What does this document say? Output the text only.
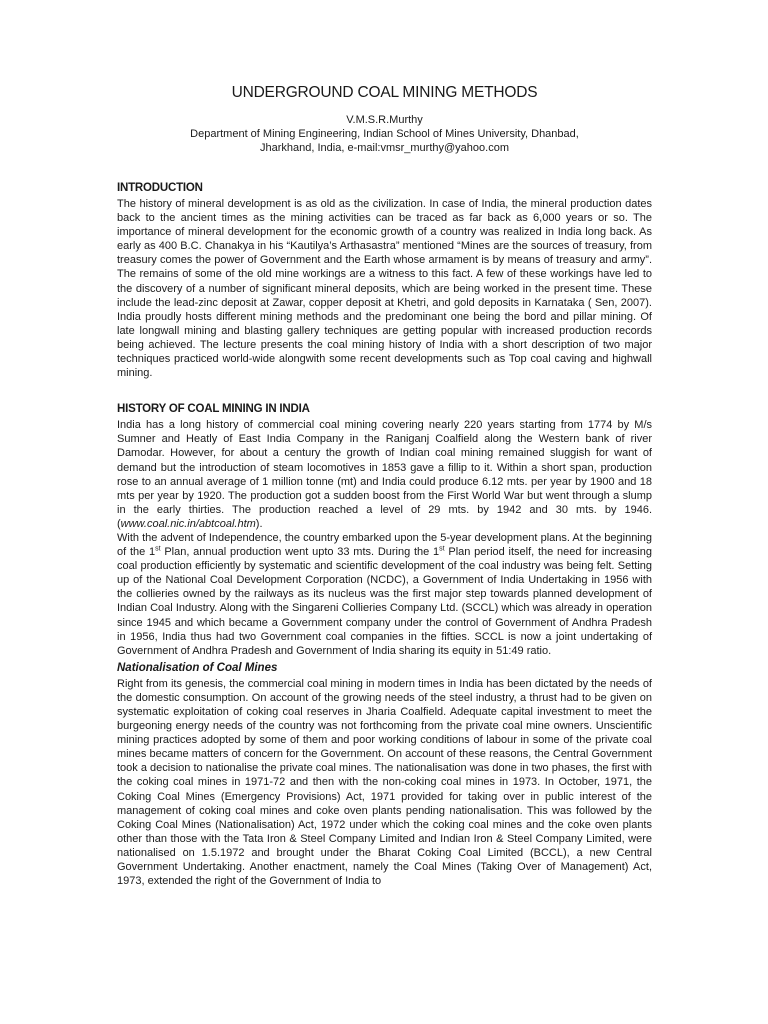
UNDERGROUND COAL MINING METHODS

V.M.S.R.Murthy

Department of Mining Engineering, Indian School of Mines University, Dhanbad,

Jharkhand, India, e-mail:vmsr_murthy@yahoo.com

INTRODUCTION

The history of mineral development is as old as the civilization. In case of India, the mineral production dates back to the ancient times as the mining activities can be traced as far back as 6,000 years or so. The importance of mineral development for the economic growth of a country was realized in India long back. As early as 400 B.C. Chanakya in his “Kautilya’s Arthasastra” mentioned “Mines are the sources of treasury, from treasury comes the power of Government and the Earth whose armament is by means of treasury and army”. The remains of some of the old mine workings are a witness to this fact. A few of these workings have led to the discovery of a number of significant mineral deposits, which are being worked in the present time. These include the lead-zinc deposit at Zawar, copper deposit at Khetri, and gold deposits in Karnataka ( Sen, 2007). India proudly hosts different mining methods and the predominant one being the bord and pillar mining. Of late longwall mining and blasting gallery techniques are getting popular with increased production records being achieved. The lecture presents the coal mining history of India with a short description of two major techniques practiced world-wide alongwith some recent developments such as Top coal caving and highwall mining.

HISTORY OF COAL MINING IN INDIA

India has a long history of commercial coal mining covering nearly 220 years starting from 1774 by M/s Sumner and Heatly of East India Company in the Raniganj Coalfield along the Western bank of river Damodar. However, for about a century the growth of Indian coal mining remained sluggish for want of demand but the introduction of steam locomotives in 1853 gave a fillip to it. Within a short span, production rose to an annual average of 1 million tonne (mt) and India could produce 6.12 mts. per year by 1900 and 18 mts per year by 1920. The production got a sudden boost from the First World War but went through a slump in the early thirties. The production reached a level of 29 mts. by 1942 and 30 mts. by 1946. (www.coal.nic.in/abtcoal.htm).

With the advent of Independence, the country embarked upon the 5-year development plans. At the beginning of the 1st Plan, annual production went upto 33 mts. During the 1st Plan period itself, the need for increasing coal production efficiently by systematic and scientific development of the coal industry was being felt. Setting up of the National Coal Development Corporation (NCDC), a Government of India Undertaking in 1956 with the collieries owned by the railways as its nucleus was the first major step towards planned development of Indian Coal Industry. Along with the Singareni Collieries Company Ltd. (SCCL) which was already in operation since 1945 and which became a Government company under the control of Government of Andhra Pradesh in 1956, India thus had two Government coal companies in the fifties. SCCL is now a joint undertaking of Government of Andhra Pradesh and Government of India sharing its equity in 51:49 ratio.

Nationalisation of Coal Mines

Right from its genesis, the commercial coal mining in modern times in India has been dictated by the needs of the domestic consumption. On account of the growing needs of the steel industry, a thrust had to be given on systematic exploitation of coking coal reserves in Jharia Coalfield. Adequate capital investment to meet the burgeoning energy needs of the country was not forthcoming from the private coal mine owners. Unscientific mining practices adopted by some of them and poor working conditions of labour in some of the private coal mines became matters of concern for the Government. On account of these reasons, the Central Government took a decision to nationalise the private coal mines. The nationalisation was done in two phases, the first with the coking coal mines in 1971-72 and then with the non-coking coal mines in 1973. In October, 1971, the Coking Coal Mines (Emergency Provisions) Act, 1971 provided for taking over in public interest of the management of coking coal mines and coke oven plants pending nationalisation. This was followed by the Coking Coal Mines (Nationalisation) Act, 1972 under which the coking coal mines and the coke oven plants other than those with the Tata Iron & Steel Company Limited and Indian Iron & Steel Company Limited, were nationalised on 1.5.1972 and brought under the Bharat Coking Coal Limited (BCCL), a new Central Government Undertaking. Another enactment, namely the Coal Mines (Taking Over of Management) Act, 1973, extended the right of the Government of India to
